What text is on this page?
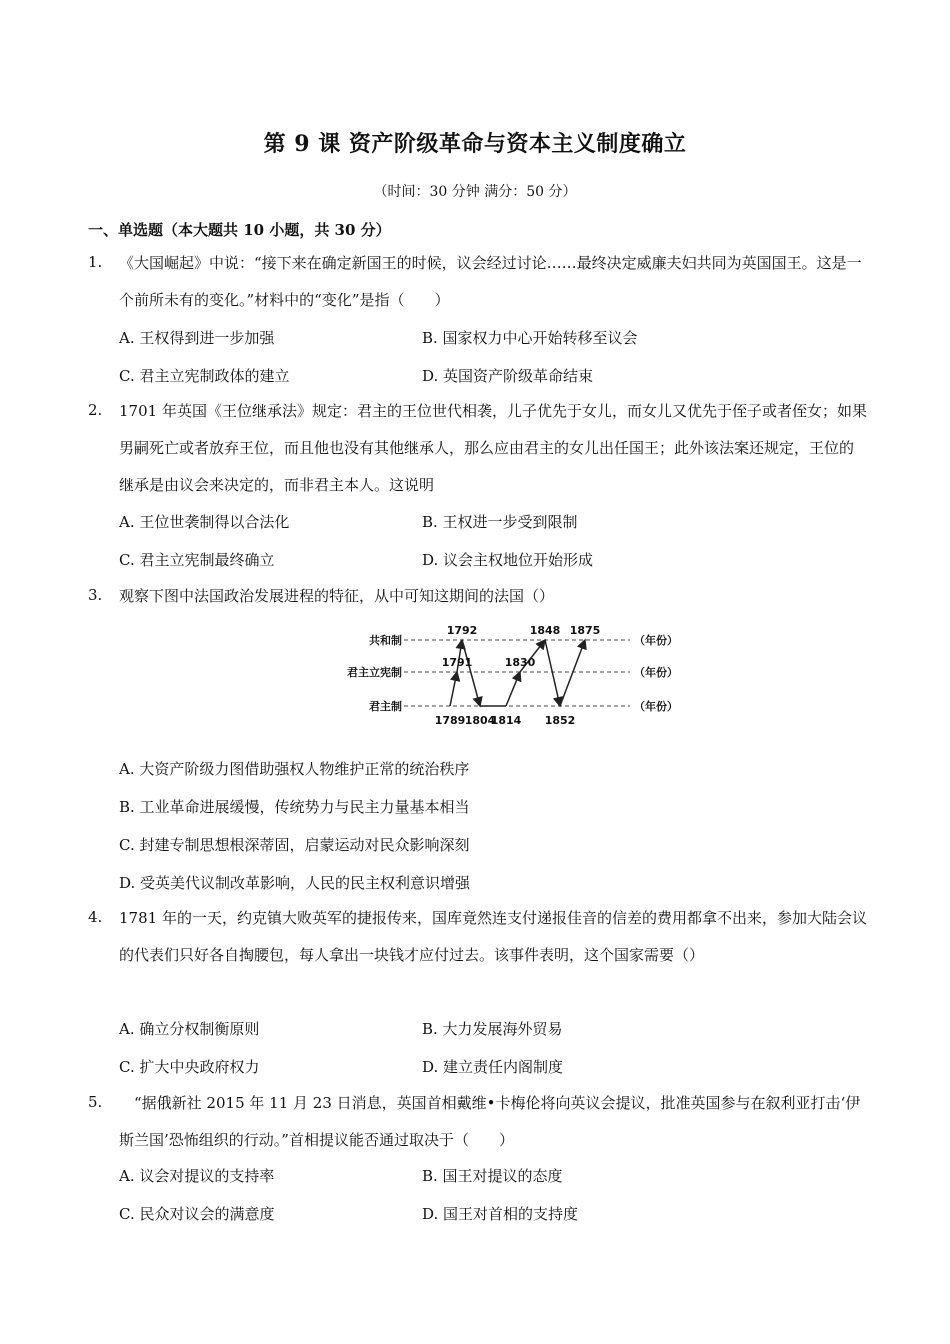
第 9 课 资产阶级革命与资本主义制度确立
（时间：30 分钟 满分：50 分）
一、单选题（本大题共 10 小题，共 30 分）
1. 《大国崛起》中说：“接下来在确定新国王的时候，议会经过讨论……最终决定威廉夫妇共同为英国国王。这是一个前所未有的变化。”材料中的“变化”是指（　　）
A. 王权得到进一步加强	B. 国家权力中心开始转移至议会
C. 君主立宪制政体的建立	D. 英国资产阶级革命结束
2. 1701 年英国《王位继承法》规定：君主的王位世代相袭，儿子优先于女儿，而女儿又优先于侄子或者侄女；如果男嗣死亡或者放弃王位，而且他也没有其他继承人，那么应由君主的女儿出任国王；此外该法案还规定，王位的继承是由议会来决定的，而非君主本人。这说明
A. 王位世袭制得以合法化	B. 王权进一步受到限制
C. 君主立宪制最终确立	D. 议会主权地位开始形成
3. 观察下图中法国政治发展进程的特征，从中可知这期间的法国（）
君主制	（年份）
君主立宪制	（年份）
共和制	（年份）
1789
1791
1792
1804
1814
1830
1848
1852
1875
A. 大资产阶级力图借助强权人物维护正常的统治秩序
B. 工业革命进展缓慢，传统势力与民主力量基本相当
C. 封建专制思想根深蒂固，启蒙运动对民众影响深刻
D. 受英美代议制改革影响，人民的民主权利意识增强
4. 1781 年的一天，约克镇大败英军的捷报传来，国库竟然连支付递报佳音的信差的费用都拿不出来，参加大陆会议的代表们只好各自掏腰包，每人拿出一块钱才应付过去。该事件表明，这个国家需要（）
A. 确立分权制衡原则	B. 大力发展海外贸易
C. 扩大中央政府权力	D. 建立责任内阁制度
5. 　“据俄新社 2015 年 11 月 23 日消息，英国首相戴维•卡梅伦将向英议会提议，批准英国参与在叙利亚打击‘伊斯兰国’恐怖组织的行动。”首相提议能否通过取决于（　　）
A. 议会对提议的支持率	B. 国王对提议的态度
C. 民众对议会的满意度	D. 国王对首相的支持度
